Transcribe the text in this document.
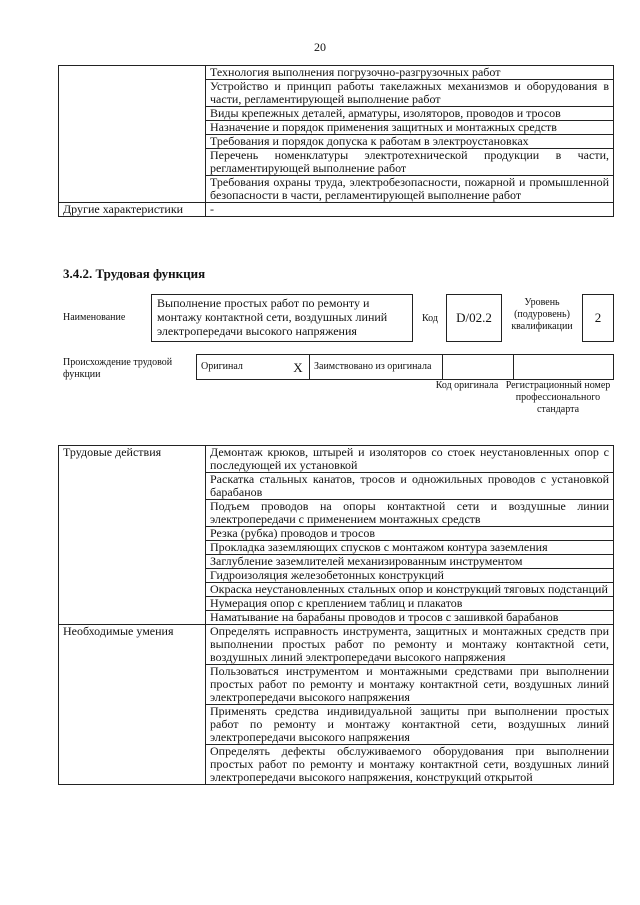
20
	Технология выполнения погрузочно-разгрузочных работ
	Устройство и принцип работы такелажных механизмов и оборудования в части, регламентирующей выполнение работ
	Виды крепежных деталей, арматуры, изоляторов, проводов и тросов
	Назначение и порядок применения защитных и монтажных средств
	Требования и порядок допуска к работам в электроустановках
	Перечень номенклатуры электротехнической продукции в части, регламентирующей выполнение работ
	Требования охраны труда, электробезопасности, пожарной и промышленной безопасности в части, регламентирующей выполнение работ
Другие характеристики	-
3.4.2. Трудовая функция
Наименование
Выполнение простых работ по ремонту и монтажу контактной сети, воздушных линий электропередачи высокого напряжения
Код	D/02.2
Уровень (подуровень) квалификации
2
Происхождение трудовой функции
Оригинал	Х	Заимствовано из оригинала		
Код оригинала Регистрационный номер профессионального стандарта
Трудовые действия	Демонтаж крюков, штырей и изоляторов со стоек неустановленных опор с последующей их установкой
	Раскатка стальных канатов, тросов и одножильных проводов с установкой барабанов
	Подъем проводов на опоры контактной сети и воздушные линии электропередачи с применением монтажных средств
	Резка (рубка) проводов и тросов
	Прокладка заземляющих спусков с монтажом контура заземления
	Заглубление заземлителей механизированным инструментом
	Гидроизоляция железобетонных конструкций
	Окраска неустановленных стальных опор и конструкций тяговых подстанций
	Нумерация опор с креплением таблиц и плакатов
	Наматывание на барабаны проводов и тросов с зашивкой барабанов
Необходимые умения	Определять исправность инструмента, защитных и монтажных средств при выполнении простых работ по ремонту и монтажу контактной сети, воздушных линий электропередачи высокого напряжения
	Пользоваться инструментом и монтажными средствами при выполнении простых работ по ремонту и монтажу контактной сети, воздушных линий электропередачи высокого напряжения
	Применять средства индивидуальной защиты при выполнении простых работ по ремонту и монтажу контактной сети, воздушных линий электропередачи высокого напряжения
	Определять дефекты обслуживаемого оборудования при выполнении простых работ по ремонту и монтажу контактной сети, воздушных линий электропередачи высокого напряжения, конструкций открытой
